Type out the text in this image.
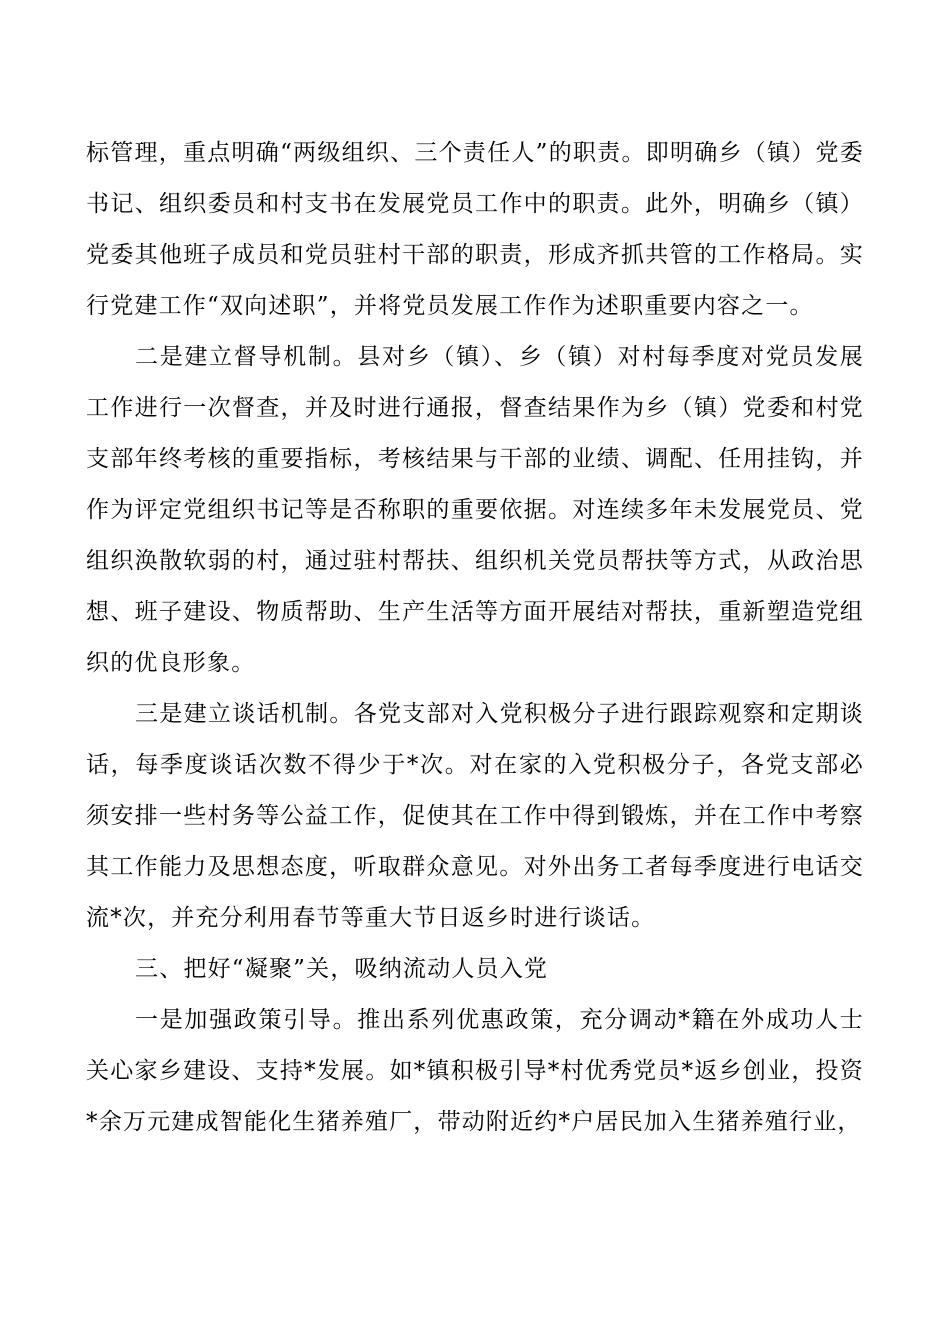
标管理，重点明确“两级组织、三个责任人”的职责。即明确乡（镇）党委书记、组织委员和村支书在发展党员工作中的职责。此外，明确乡（镇）党委其他班子成员和党员驻村干部的职责，形成齐抓共管的工作格局。实行党建工作“双向述职”，并将党员发展工作作为述职重要内容之一。

二是建立督导机制。县对乡（镇）、乡（镇）对村每季度对党员发展工作进行一次督查，并及时进行通报，督查结果作为乡（镇）党委和村党支部年终考核的重要指标，考核结果与干部的业绩、调配、任用挂钩，并作为评定党组织书记等是否称职的重要依据。对连续多年未发展党员、党组织涣散软弱的村，通过驻村帮扶、组织机关党员帮扶等方式，从政治思想、班子建设、物质帮助、生产生活等方面开展结对帮扶，重新塑造党组织的优良形象。

三是建立谈话机制。各党支部对入党积极分子进行跟踪观察和定期谈话，每季度谈话次数不得少于*次。对在家的入党积极分子，各党支部必须安排一些村务等公益工作，促使其在工作中得到锻炼，并在工作中考察其工作能力及思想态度，听取群众意见。对外出务工者每季度进行电话交流*次，并充分利用春节等重大节日返乡时进行谈话。

三、把好“凝聚”关，吸纳流动人员入党

一是加强政策引导。推出系列优惠政策，充分调动*籍在外成功人士关心家乡建设、支持*发展。如*镇积极引导*村优秀党员*返乡创业，投资*余万元建成智能化生猪养殖厂，带动附近约*户居民加入生猪养殖行业，
